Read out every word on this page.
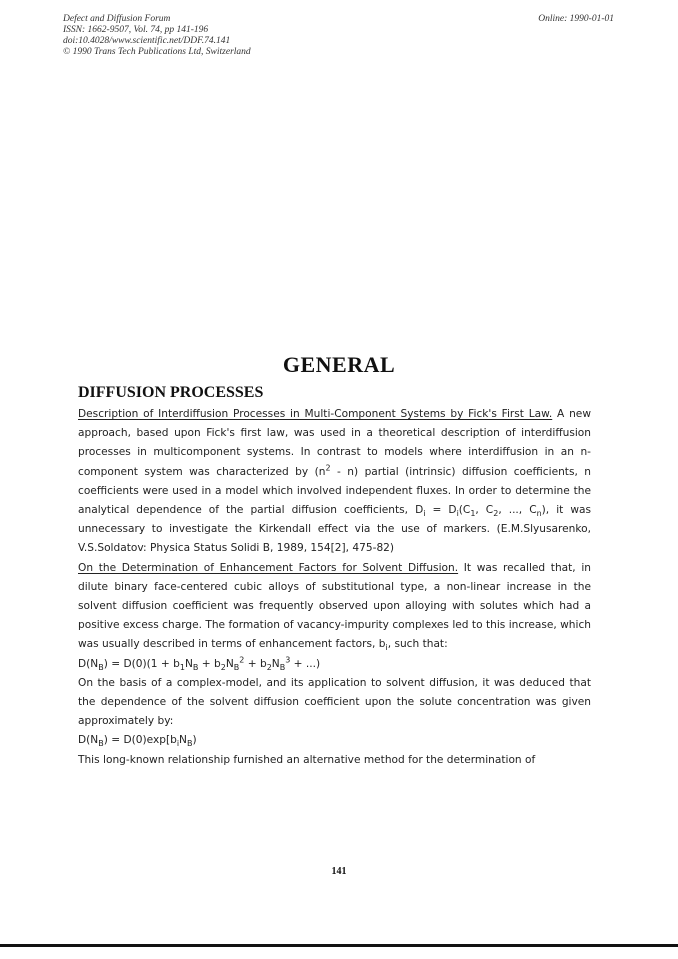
Defect and Diffusion Forum
ISSN: 1662-9507, Vol. 74, pp 141-196
doi:10.4028/www.scientific.net/DDF.74.141
© 1990 Trans Tech Publications Ltd, Switzerland
Online: 1990-01-01
GENERAL
DIFFUSION PROCESSES

Description of Interdiffusion Processes in Multi-Component Systems by Fick's First Law. A new approach, based upon Fick's first law, was used in a theoretical description of interdiffusion processes in multicomponent systems. In contrast to models where interdiffusion in an n-component system was characterized by $(n^2 - n)$ partial (intrinsic) diffusion coefficients, n coefficients were used in a model which involved independent fluxes. In order to determine the analytical dependence of the partial diffusion coefficients, $D_i = D_i(C_1$, $C_2$, ..., $C_n$), it was unnecessary to investigate the Kirkendall effect via the use of markers. (E.M.Slyusarenko, V.S.Soldatov: Physica Status Solidi B, 1989, 154[2], 475-82)

On the Determination of Enhancement Factors for Solvent Diffusion. It was recalled that, in dilute binary face-centered cubic alloys of substitutional type, a non-linear increase in the solvent diffusion coefficient was frequently observed upon alloying with solutes which had a positive excess charge. The formation of vacancy-impurity complexes led to this increase, which was usually described in terms of enhancement factors, $b_i$, such that:

$D(N_B) = D(0)(1 + b_1N_B + b_2N_B^2 + b_2N_B^3$ + ...)

On the basis of a complex-model, and its application to solvent diffusion, it was deduced that the dependence of the solvent diffusion coefficient upon the solute concentration was given approximately by:

$D(N_B) = D(0)\exp[b_iN_B)$

This long-known relationship furnished an alternative method for the determination of

141
